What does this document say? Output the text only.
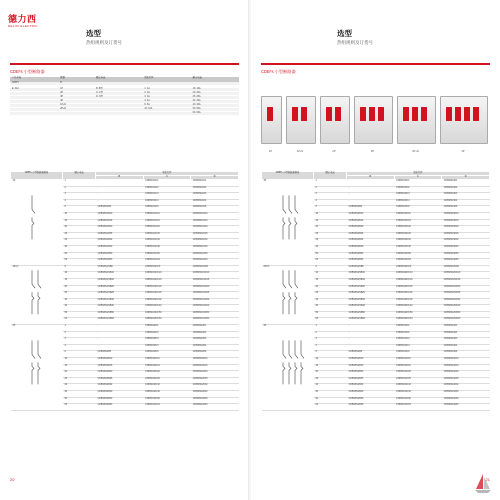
德力西
DELIXI ELECTRIC
选型
热组规则及订货号
CDB*s 小型断路器
产品名称	极数	额定电流	脱扣特性	额定电流
CDB*s	B			

E: 3kA	1P	B: B型	1: 1A	16: 16A
	2P	C: C型	2: 2A	20: 20A
	3P	D: D型	3: 3A	25: 25A
	4P		4: 4A	32: 32A
	1P+N		6: 6A	40: 40A
	2P+N		10: 10A	50: 50A
				63: 63A
CDB*s 小型断路器规格	额定电流	脱扣特性		
		B	C	D

1P	1	-	CDBS6N1C1	CDBS6N1D1
	2	-	CDBS6N1C2	CDBS6N1D2
	3	-	CDBS6N1C3	CDBS6N1D3
	4	-	CDBS6N1C4	CDBS6N1D4
	6	CDBS6N1B6	CDBS6N1C6	CDBS6N1D6
	10	CDBS6N1B10	CDBS6N1C10	CDBS6N1D10
	16	CDBS6N1B16	CDBS6N1C16	CDBS6N1D16
	20	CDBS6N1B20	CDBS6N1C20	CDBS6N1D20
	25	CDBS6N1B25	CDBS6N1C25	CDBS6N1D25
	32	CDBS6N1B32	CDBS6N1C32	CDBS6N1D32
	40	CDBS6N1B40	CDBS6N1C40	CDBS6N1D40
	50	CDBS6N1B50	CDBS6N1C50	CDBS6N1D50
	63	CDBS6N1B63	CDBS6N1C63	CDBS6N1D63

1P+N	6	CDBS6N1NB6	CDBS6N1NC6	CDBS6N1ND6
	10	CDBS6N1NB10	CDBS6N1NC10	CDBS6N1ND10
	16	CDBS6N1NB16	CDBS6N1NC16	CDBS6N1ND16
	20	CDBS6N1NB20	CDBS6N1NC20	CDBS6N1ND20
	25	CDBS6N1NB25	CDBS6N1NC25	CDBS6N1ND25
	32	CDBS6N1NB32	CDBS6N1NC32	CDBS6N1ND32
	40	CDBS6N1NB40	CDBS6N1NC40	CDBS6N1ND40
	50	CDBS6N1NB50	CDBS6N1NC50	CDBS6N1ND50
	63	CDBS6N1NB63	CDBS6N1NC63	CDBS6N1ND63

2P	1	-	CDBS6N2C1	CDBS6N2D1
	2	-	CDBS6N2C2	CDBS6N2D2
	3	-	CDBS6N2C3	CDBS6N2D3
	4	-	CDBS6N2C4	CDBS6N2D4
	6	CDBS6N2B6	CDBS6N2C6	CDBS6N2D6
	10	CDBS6N2B10	CDBS6N2C10	CDBS6N2D10
	16	CDBS6N2B16	CDBS6N2C16	CDBS6N2D16
	20	CDBS6N2B20	CDBS6N2C20	CDBS6N2D20
	25	CDBS6N2B25	CDBS6N2C25	CDBS6N2D25
	32	CDBS6N2B32	CDBS6N2C32	CDBS6N2D32
	40	CDBS6N2B40	CDBS6N2C40	CDBS6N2D40
	50	CDBS6N2B50	CDBS6N2C50	CDBS6N2D50
	63	CDBS6N2B63	CDBS6N2C63	CDBS6N2D63
20
选型
热组规则及订货号
CDB*s 小型断路器
1P	1P+N	2P	3P	2P+N	4P
CDB*s 小型断路器规格	额定电流	脱扣特性		
		B	C	D

3P	1	-	CDBS6N3C1	CDBS6N3D1
	2	-	CDBS6N3C2	CDBS6N3D2
	3	-	CDBS6N3C3	CDBS6N3D3
	4	-	CDBS6N3C4	CDBS6N3D4
	6	CDBS6N3B6	CDBS6N3C6	CDBS6N3D6
	10	CDBS6N3B10	CDBS6N3C10	CDBS6N3D10
	16	CDBS6N3B16	CDBS6N3C16	CDBS6N3D16
	20	CDBS6N3B20	CDBS6N3C20	CDBS6N3D20
	25	CDBS6N3B25	CDBS6N3C25	CDBS6N3D25
	32	CDBS6N3B32	CDBS6N3C32	CDBS6N3D32
	40	CDBS6N3B40	CDBS6N3C40	CDBS6N3D40
	50	CDBS6N3B50	CDBS6N3C50	CDBS6N3D50
	63	CDBS6N3B63	CDBS6N3C63	CDBS6N3D63

2P+N	6	CDBS6N2NB6	CDBS6N2NC6	CDBS6N2ND6
	10	CDBS6N2NB10	CDBS6N2NC10	CDBS6N2ND10
	16	CDBS6N2NB16	CDBS6N2NC16	CDBS6N2ND16
	20	CDBS6N2NB20	CDBS6N2NC20	CDBS6N2ND20
	25	CDBS6N2NB25	CDBS6N2NC25	CDBS6N2ND25
	32	CDBS6N2NB32	CDBS6N2NC32	CDBS6N2ND32
	40	CDBS6N2NB40	CDBS6N2NC40	CDBS6N2ND40
	50	CDBS6N2NB50	CDBS6N2NC50	CDBS6N2ND50
	63	CDBS6N2NB63	CDBS6N2NC63	CDBS6N2ND63

4P	1	-	CDBS6N4C1	CDBS6N4D1
	2	-	CDBS6N4C2	CDBS6N4D2
	3	-	CDBS6N4C3	CDBS6N4D3
	4	-	CDBS6N4C4	CDBS6N4D4
	6	CDBS6N4B6	CDBS6N4C6	CDBS6N4D6
	10	CDBS6N4B10	CDBS6N4C10	CDBS6N4D10
	16	CDBS6N4B16	CDBS6N4C16	CDBS6N4D16
	20	CDBS6N4B20	CDBS6N4C20	CDBS6N4D20
	25	CDBS6N4B25	CDBS6N4C25	CDBS6N4D25
	32	CDBS6N4B32	CDBS6N4C32	CDBS6N4D32
	40	CDBS6N4B40	CDBS6N4C40	CDBS6N4D40
	50	CDBS6N4B50	CDBS6N4C50	CDBS6N4D50
	63	CDBS6N4B63	CDBS6N4C63	CDBS6N4D63
21
